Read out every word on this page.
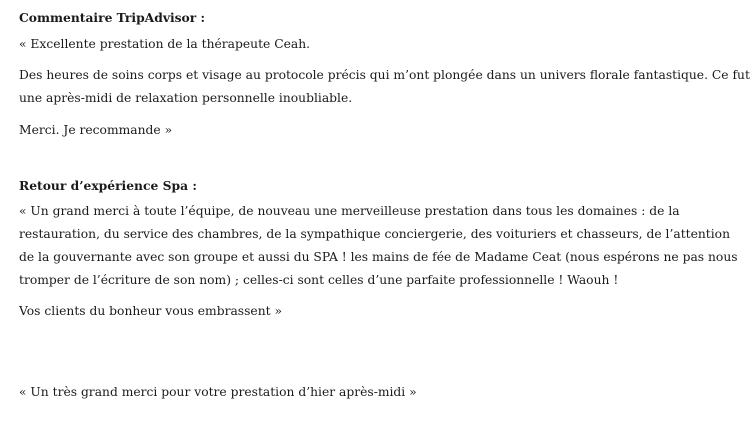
Commentaire TripAdvisor :
« Excellente prestation de la thérapeute Ceah.
Des heures de soins corps et visage au protocole précis qui m’ont plongée dans un univers florale fantastique. Ce fut
une après-midi de relaxation personnelle inoubliable.
Merci. Je recommande »
Retour d’expérience Spa :
« Un grand merci à toute l’équipe, de nouveau une merveilleuse prestation dans tous les domaines : de la
restauration, du service des chambres, de la sympathique conciergerie, des voituriers et chasseurs, de l’attention
de la gouvernante avec son groupe et aussi du SPA ! les mains de fée de Madame Ceat (nous espérons ne pas nous
tromper de l’écriture de son nom) ; celles-ci sont celles d’une parfaite professionnelle ! Waouh !
Vos clients du bonheur vous embrassent »
« Un très grand merci pour votre prestation d’hier après-midi »
